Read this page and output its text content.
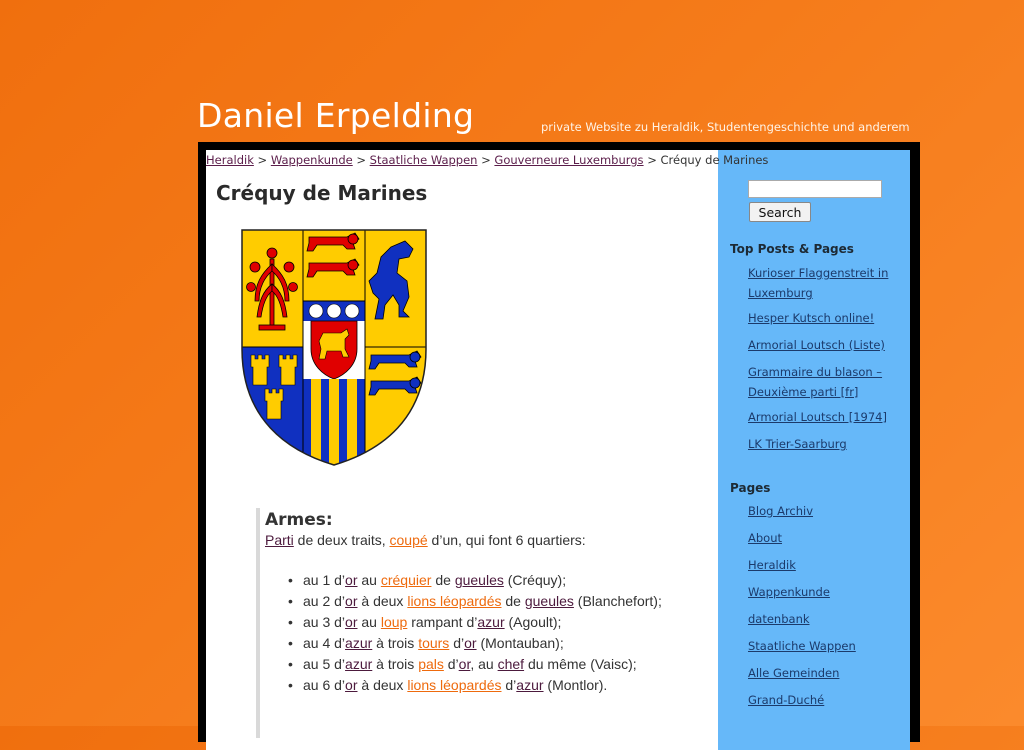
Daniel Erpelding	private Website zu Heraldik, Studentengeschichte und anderem
Heraldik > Wappenkunde > Staatliche Wappen > Gouverneure Luxemburgs > Créquy de Marines
Créquy de Marines
Armes:
Parti de deux traits, coupé d’un, qui font 6 quartiers:
• au 1 d’or au créquier de gueules (Créquy);
• au 2 d’or à deux lions léopardés de gueules (Blanchefort);
• au 3 d’or au loup rampant d’azur (Agoult);
• au 4 d’azur à trois tours d’or (Montauban);
• au 5 d’azur à trois pals d’or, au chef du même (Vaisc);
• au 6 d’or à deux lions léopardés d’azur (Montlor).
Search
Top Posts & Pages
Kurioser Flaggenstreit in Luxemburg
Hesper Kutsch online!
Armorial Loutsch (Liste)
Grammaire du blason – Deuxième parti [fr]
Armorial Loutsch [1974]
LK Trier-Saarburg
Pages
Blog Archiv
About
Heraldik
Wappenkunde
datenbank
Staatliche Wappen
Alle Gemeinden
Grand-Duché
